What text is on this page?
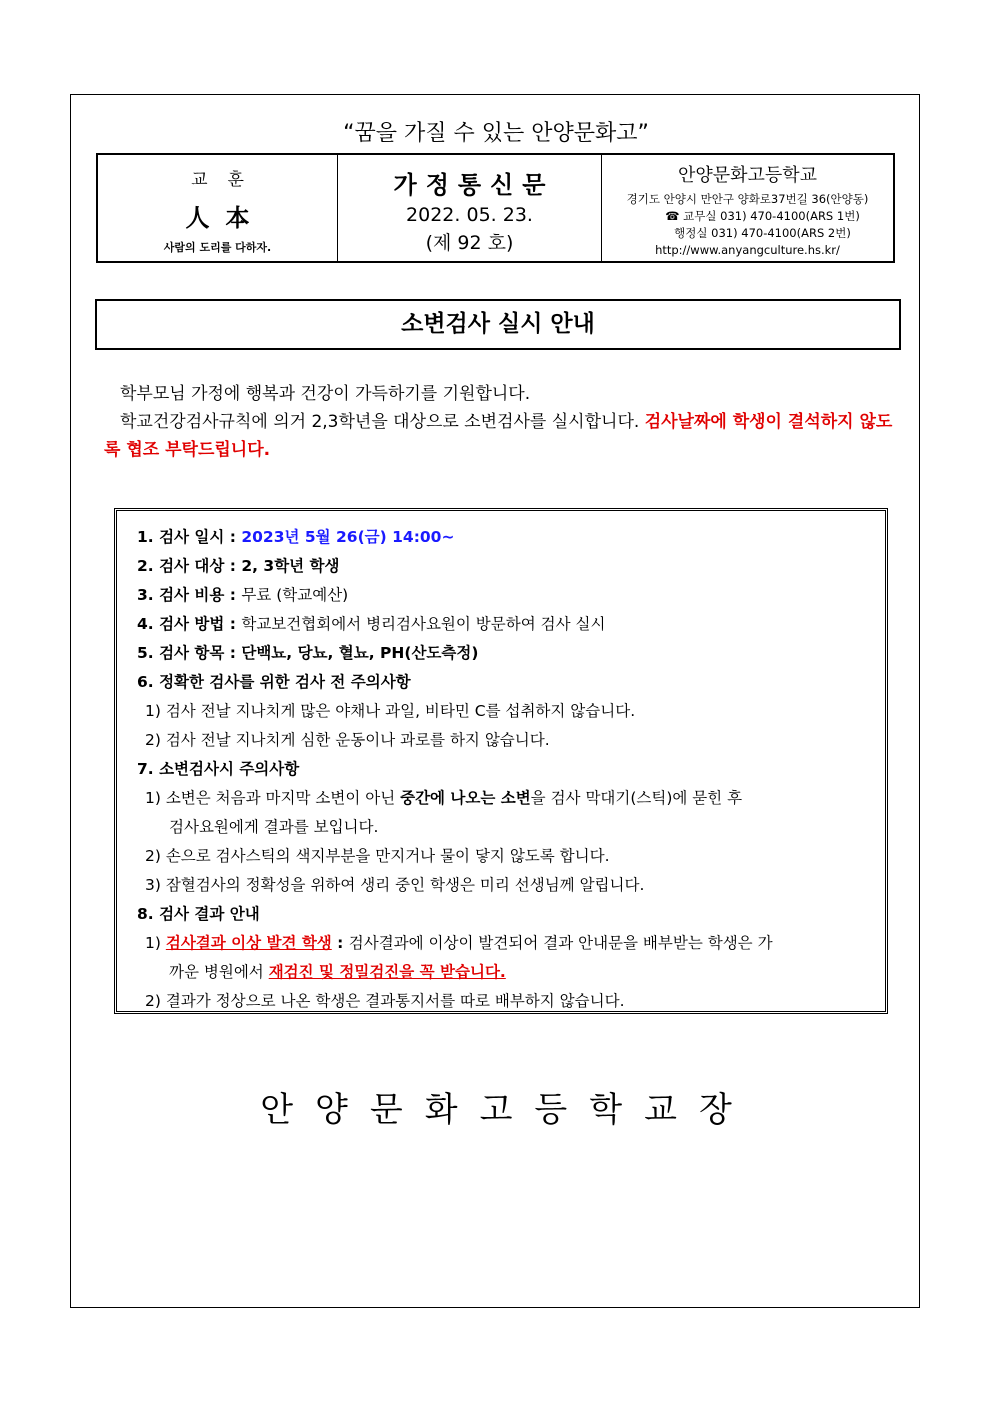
“꿈을 가질 수 있는 안양문화고”
교훈
人本
사람의 도리를 다하자.
가정통신문
2022. 05. 23.
(제 92 호)
안양문화고등학교
경기도 안양시 만안구 양화로37번길 36(안양동)
☎ 교무실 031) 470-4100(ARS 1번)
행정실 031) 470-4100(ARS 2번)
http://www.anyangculture.hs.kr/
소변검사 실시 안내

학부모님 가정에 행복과 건강이 가득하기를 기원합니다.

학교건강검사규칙에 의거 2,3학년을 대상으로 소변검사를 실시합니다. 검사날짜에 학생이 결석하지 않도록 협조 부탁드립니다.

1. 검사 일시 : 2023년 5월 26(금) 14:00~
2. 검사 대상 : 2, 3학년 학생
3. 검사 비용 : 무료 (학교예산)
4. 검사 방법 : 학교보건협회에서 병리검사요원이 방문하여 검사 실시
5. 검사 항목 : 단백뇨, 당뇨, 혈뇨, PH(산도측정)
6. 정확한 검사를 위한 검사 전 주의사항
1) 검사 전날 지나치게 많은 야채나 과일, 비타민 C를 섭취하지 않습니다.
2) 검사 전날 지나치게 심한 운동이나 과로를 하지 않습니다.
7. 소변검사시 주의사항
1) 소변은 처음과 마지막 소변이 아닌 중간에 나오는 소변을 검사 막대기(스틱)에 묻힌 후
검사요원에게 결과를 보입니다.
2) 손으로 검사스틱의 색지부분을 만지거나 물이 닿지 않도록 합니다.
3) 잠혈검사의 정확성을 위하여 생리 중인 학생은 미리 선생님께 알립니다.
8. 검사 결과 안내
1) 검사결과 이상 발견 학생 : 검사결과에 이상이 발견되어 결과 안내문을 배부받는 학생은 가
까운 병원에서 재검진 및 정밀검진을 꼭 받습니다.
2) 결과가 정상으로 나온 학생은 결과통지서를 따로 배부하지 않습니다.
안양문화고등학교장
